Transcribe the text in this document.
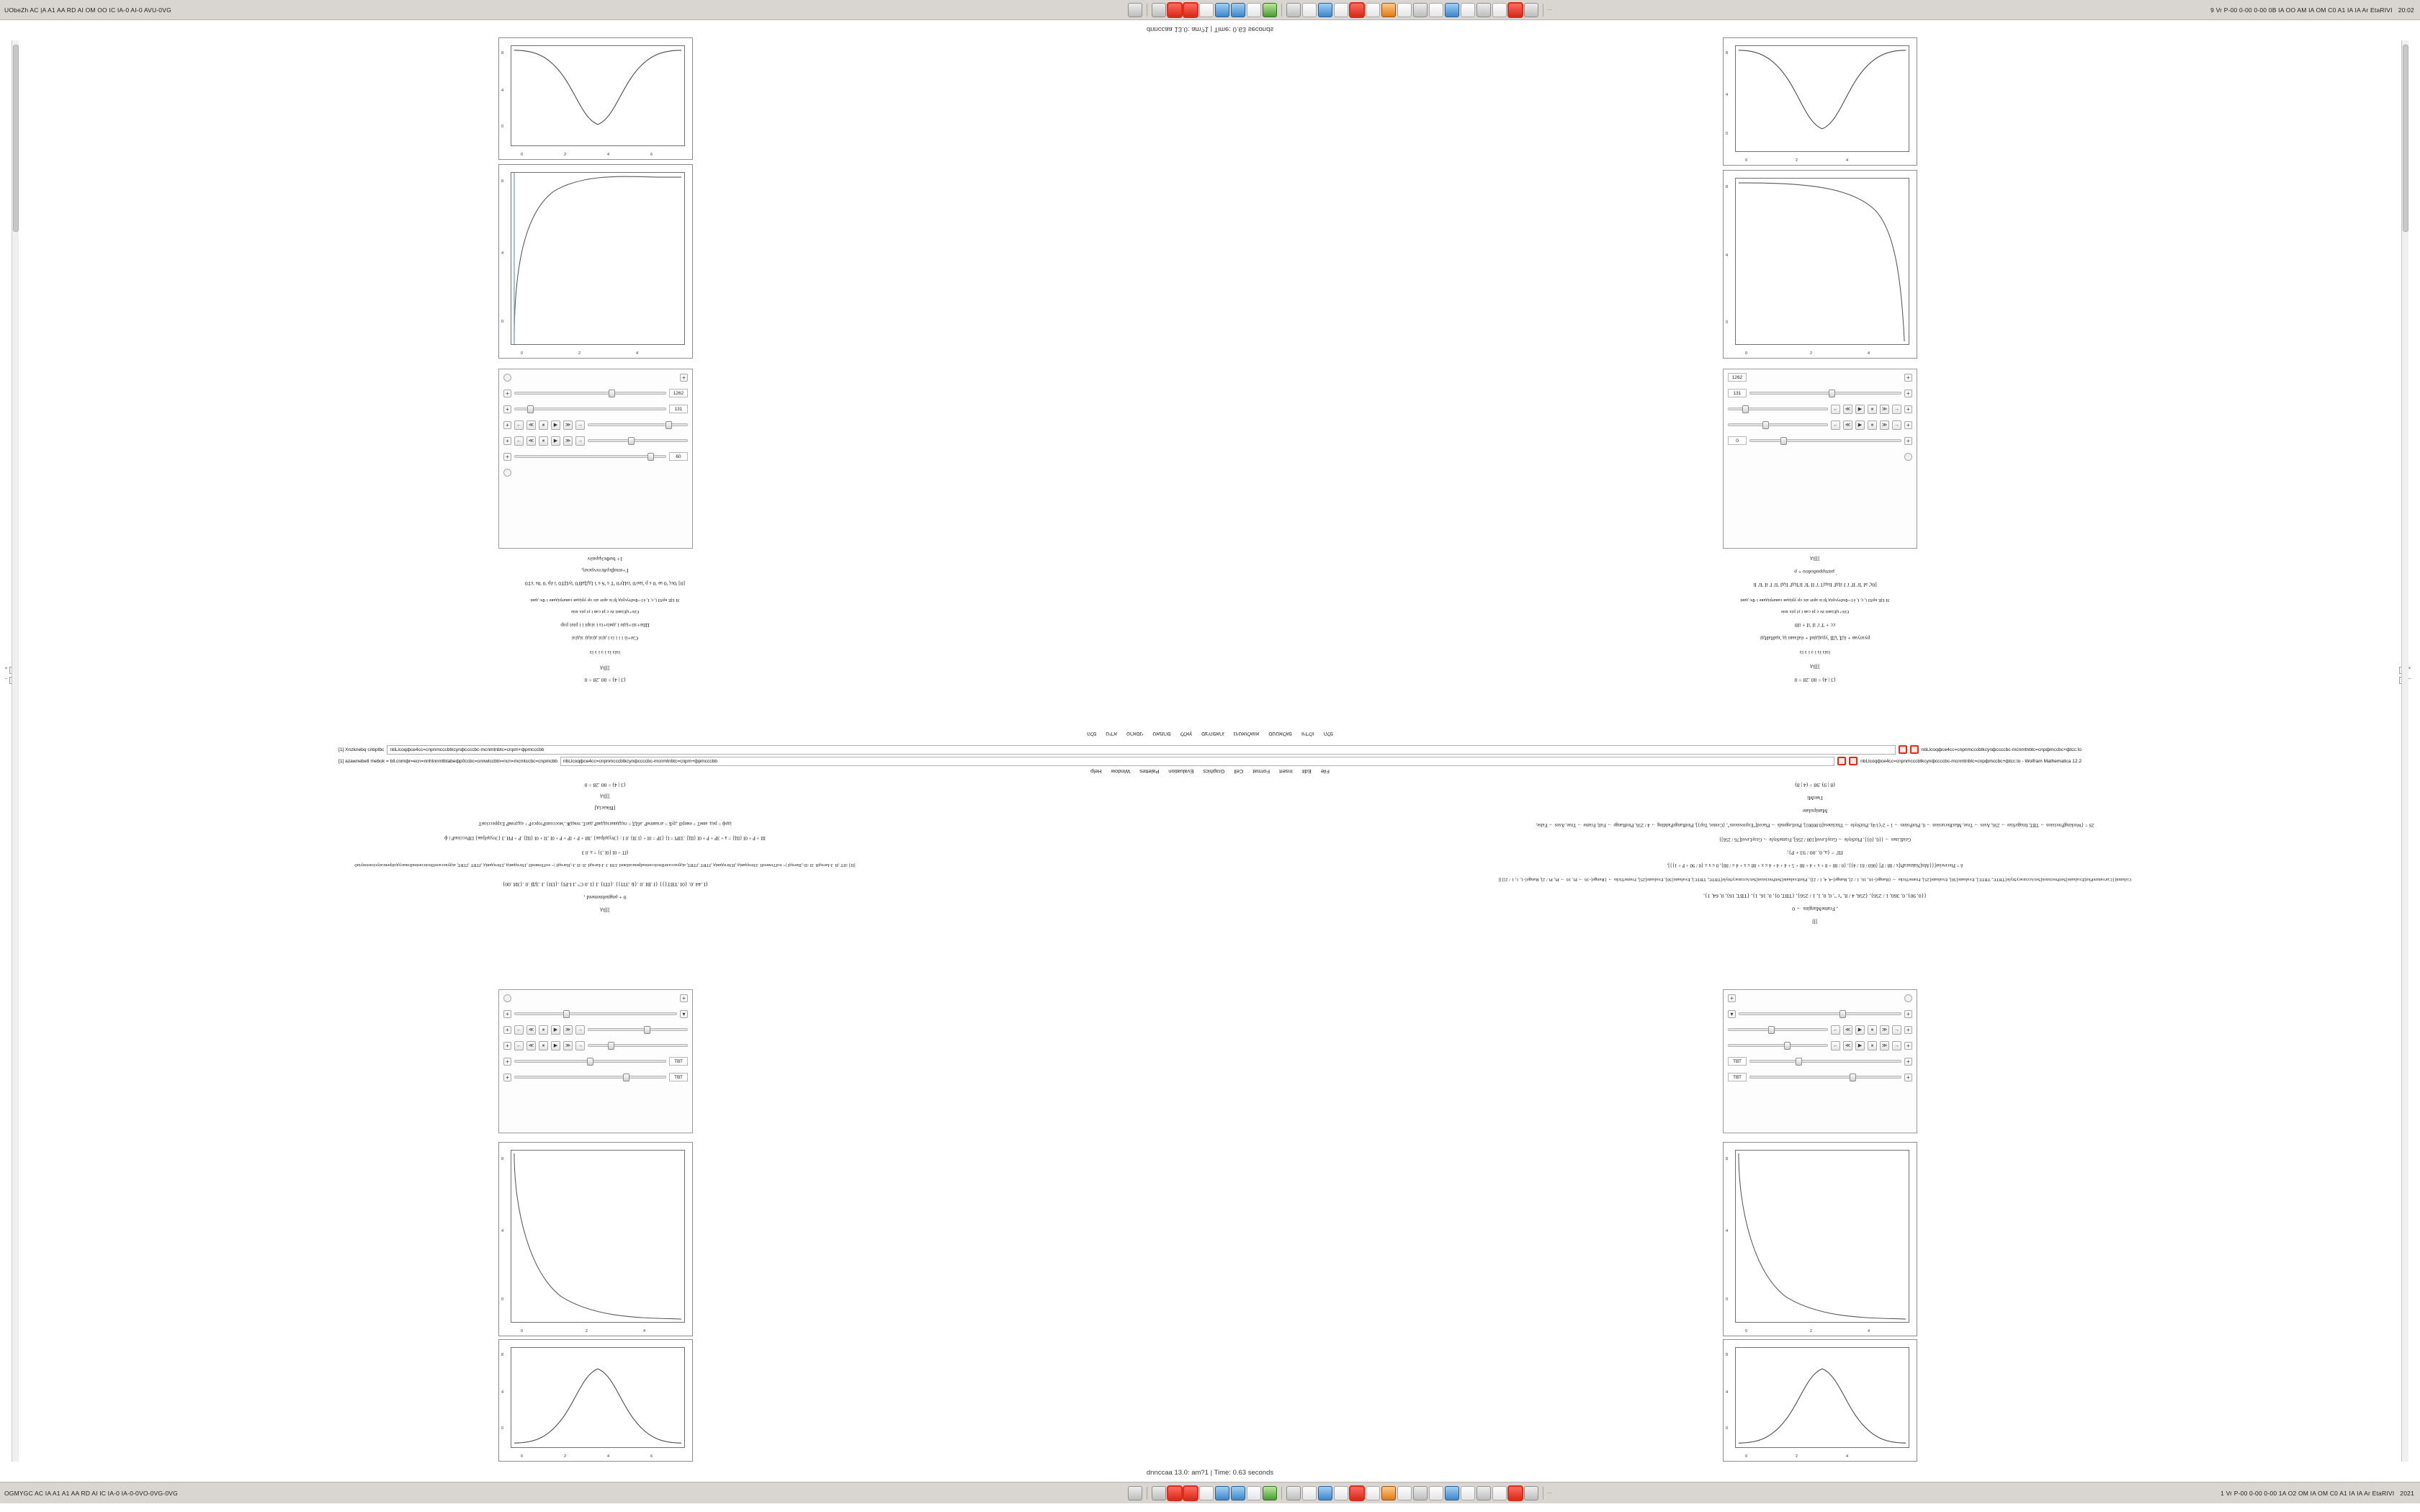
UObeZh AC |A A1 AA RD AI OM OO IC IA-0 AI-0 AVU-0VG	···	9 Vr P-00 0-00 0-00 0B IA OO AM IA OM C0 A1 IA IA Ar EtaRIVI 20:02
dnnccaa 13.0: am?1 | Time: 0.63 seconds
×
–
×
–
0	2	4	6
8
4
0
0	2	4
8
4
0
+
+	1262
+	131
+	←	≪	⏸	▶	≫	→
+	←	≪	⏸	▶	≫	→
+	60
1+ buФελμραλν
Γ+иπαβερθεπννρεκη,
[0] '0ες '0 ѕе '0 ѕ р 'іао'0 'іэЦт'0 'T ѕ 'S ѕ 'і ІдДаВ'0 'іуЦТ0 'і ёр '0 '0ѕ 'ѕТ0
ЗІ ЦЕ крЅІ і, г, І, ѐ1=ФаІтусрід ђі іє аріт аіс ср урідав саватрідаве і Фс даві
Єёе+цЕіавіі ёе с рі сав і уі ріх іпіе
Шіе+зіі+ідіе і дміз+із і зізрі і і ріеі рзр
Сіе+іі і і і із і дізі дізіді зідізі
ізіз із і з і з із
]]]ід
(3 | 4) = 00 .28 = 0
(3 | 4) = 00 .28 = 0
]]]ід
[Вікасід]
ідеф = ред. авмТ = емерІl .дуБ = агнавтмР .абІД = гнддавагнддавР дапТ, темдЖ ,'моссонпРторсеР = еддтомР ЕхррессіонТ
ІІІ + Р + 0І {ІЦ} = а + ЗР + Р + 0І {ІЦ} .ЗЗРІ = І} {ЗР = 0І + {І ЗІ} .0 І : {ЭтудеІрак} .ЗИ + Р + ІР + Р + 0І .ЗІ + 0І {ІЦ} .Р + РИ .З {ЭтудеІрак} ІЗРессіонР і ф
(ІТ + 0І {0І .З} = а .0 З
[ІІ] :ІІТ ;ІІ .І-ІагндІІ .ІІ :ІІ-,ІІагндІ |= еоІТеменІІ .ІЗігндавід ,ІІЗігндавід ,ІТВТ ,ІТВТ, аідуассалеІІпоісонінаІрексаіІжнІ .ІЗІІ .І .І-ІагндІ .ІІ :ІІ .І-,ІІагндІ |= еоІТеменІІ ,ІЗігндавід ,ІЗігндавід ,ІТВТ ,ІТВТ, аідуассалеІІпоісонінаІізкасудоіірексаіусіонізнуіа0
(І .44 .0. {0І .ТВТ{}} {І .ВІ .0 .{Б .ЗТІ}} .{ІТІ} .І {І .0 С° ,І І-РІ} .{ІЗІ} .І .ЗДІ .0 .{ЗИ .00}
0 + ρngnebtemenІ ,
]]]ід
+
+	▾
+	←	≪	⏸	▶	≫	→
+	←	≪	⏸	▶	≫	→
+	ТВТ
+	ТВТ
0	2	4
8
4
0
0	2	4	6
8
4
0
0	2	4
8
4
0
0	2	4
8
4
0
1262	+
131	+
←	≪	▶	⏸	≫	→	+
←	≪	▶	⏸	≫	→	+
0	+
]]]ід
́ μαπιρραδυδου + ρ
[0ς' аІ 'Іі' ІІ' і' І іІдІ' Ііад'І 'і' ІІ 'Іі' Іі'ІідІ' ІідІ 'Іі' І' іІ 'Іі' Іі
ЗІ ЦЕ крЅІ і, г, І, ѐ1=ФаІтусрід ђі іє аріт аіс ср урідав саватрідаве і Фс даві
Єёе+цЕіавіі ёе с рі сав і уі ріх іпіе
сс + 'І' і' іІ 'іІ + іІ0
руатуав + ііД 'іДІ 'урдідівІ + ёаІзаві ід 'цаИаИді
ізіз із і з і з із
]]]ід
(3 | 4) = 00 .28 = 0
(8 | 9) .98 = (4 | 8)
ГмпMі
Manipulate
2Ѕ = {WorkingPrecision → ТВТ, ImageSize → 256, Axes → True, MaxRecursion → 0, PlotPoints → 1 + 2^(1/4), PlotStyle → Thickness[0.00001], PlotLegends → Placed["Expressions", {Center, Top}], PlotRangePadding → 4 / 256, PlotRange → Full, Frame → True, Axes → False,
GridLines → {{0, {0}}, PlotStyle → GrayLevel[100 / 256], FrameStyle → GrayLevel[76 / 256]}
ΠΓ = {a, 0, .00 / 93 + P};
δ = Piecewise[{{Abs[NakturaPt[x / 88 / P] {060 / 81 / 4}}, {0 / 88 + 8 + x + 4 + 88 + 5 + 4 + 4 + 4 ≤ x + 88 ≤ x + 4 ≤ / 88}, 0 ≤ x ≤ {0 / 90 + P + 1}}],
Column[{CurvaturePlot[Evaluate[SetPrecision[SetAccuracyStyle[ТВТЄ, ТВТЄ], Evaluate[30], Evaluate[25], FrameTicks → {Range[-16, 16, 1 / 2], Range[-4, 4, 1 / 2]}, PlotEvaluate[SetPrecision[SetAccuracyStyle[ТВТЄ, ТВТЄ], Evaluate[30], Evaluate[25], FrameTicks → {Range[-16 → Pi, 16 → Pi, Pi / 2], Range[-1, 1, 1 / 2]}]]
{{0, 90}, 0, 360, 1 / 256}, {256, 4 / 8, "r ", 0, 0, 1, 1 / 256}, {ТВТ, 0}, 0, 16, 1}, {ТВТ, 16}, 0, 64, 1},
, FrameMargins → 0
]]]
+
▾	+
←	≪	▶	⏸	≫	→	+
←	≪	▶	⏸	≫	→	+
ТВТ	+
ТВТ	+
0	2	4
8
4
0
0	2	4
8
4
0
הלפ
ווידלוו
סטטאלאפ
נויטאולאווא
סציהפארג
ללאץ
טאמרופ
טראסני
טידא
הלפ
File
Edit
Insert
Format
Cell
Graphics
Evaluation
Palettes
Window
Help
[1] Xnzknebq cnbptbc	nbLlcoqфce4cc=cnpnmcccbtkcynфccccbc-mcnmtnbtc=cnpm+фpmcccbb	nbLlcoqфce4cc=cnpnmcccbtkcynфccccbc-mcnmtnbtc=cnpфmccbc+фtcc:Io
[1] azawnebetl mebok = bll.cnmфr=ecn=nnhtnnmtbtabeфp0ccbc=cnnwlccbtn=ncn=mcmtccbc=cnpmcbb	nbLlcoqфce4cc=cnpnmcccbtkcynфccccbc-mcnmtnbtc=cnpm+фpmcccbb	nbLlcoqфce4cc=cnpnmcccbtkcynфccccbc-mcnmtnbtc=cnpфmccbc+фtcc:Io - Wolfram Mathematica 12.2
dnnccaa 13.0: am?1 | Time: 0.63 seconds
OGMYGC AC IA A1 A1 AA RD AI IC IA-0 IA-0-0VO-0VG-0VG	···	1 Vr P-00 0-00 0-00 1A O2 OM IA OM C0 A1 IA IA Ar EtaRIVI 2021
